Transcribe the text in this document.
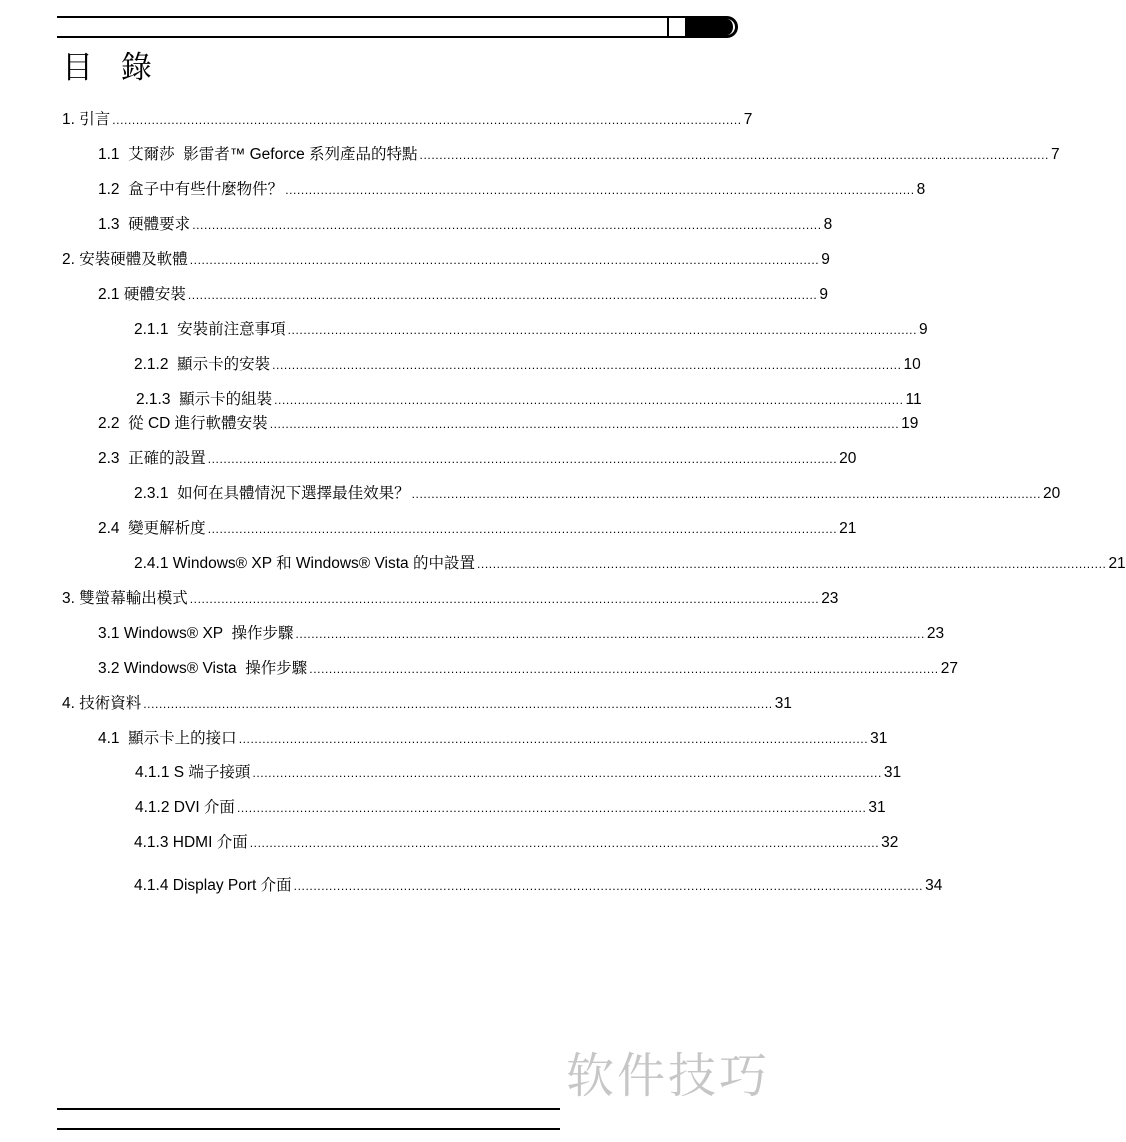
目 錄
1. 引言 ................................................................................................................................................................ 7
1.1 艾爾莎  影雷者™ Geforce 系列產品的特點 ................................................................................................................................................................ 7
1.2 盒子中有些什麼物件？ ................................................................................................................................................................ 8
1.3 硬體要求 ................................................................................................................................................................ 8
2. 安裝硬體及軟體 ................................................................................................................................................................ 9
2.1 硬體安裝 ................................................................................................................................................................ 9
2.1.1 安裝前注意事項 ................................................................................................................................................................ 9
2.1.2 顯示卡的安裝 ................................................................................................................................................................ 10
2.1.3 顯示卡的組裝 ................................................................................................................................................................ 11
2.2 從 CD 進行軟體安裝 ................................................................................................................................................................ 19
2.3 正確的設置 ................................................................................................................................................................ 20
2.3.1 如何在具體情況下選擇最佳效果？ ................................................................................................................................................................ 20
2.4 變更解析度 ................................................................................................................................................................ 21
2.4.1 Windows® XP 和 Windows® Vista 的中設置 ................................................................................................................................................................ 21
3. 雙螢幕輸出模式 ................................................................................................................................................................ 23
3.1 Windows® XP  操作步驟 ................................................................................................................................................................ 23
3.2 Windows® Vista  操作步驟 ................................................................................................................................................................ 27
4. 技術資料 ................................................................................................................................................................ 31
4.1 顯示卡上的接口 ................................................................................................................................................................ 31
4.1.1 S 端子接頭 ................................................................................................................................................................ 31
4.1.2 DVI 介面 ................................................................................................................................................................ 31
4.1.3 HDMI 介面 ................................................................................................................................................................ 32
4.1.4 Display Port 介面 ................................................................................................................................................................ 34
软件技巧
